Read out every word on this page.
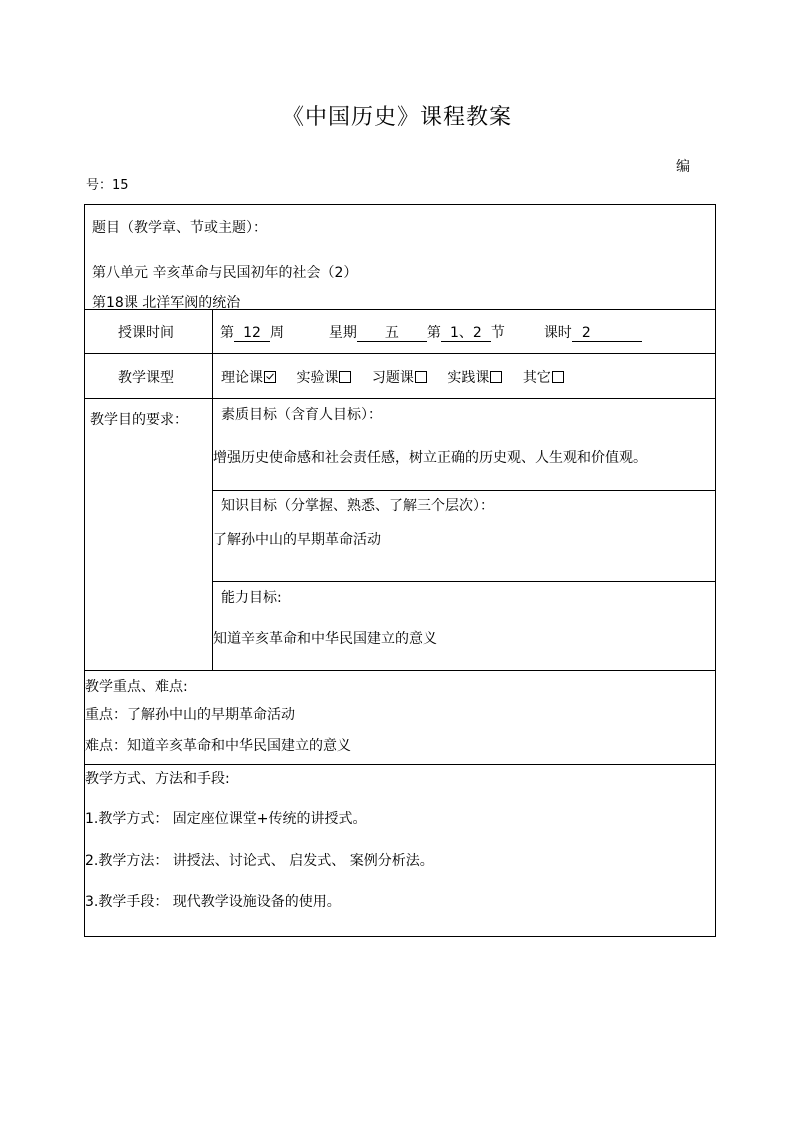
《中国历史》课程教案
编
号：15
题目（教学章、节或主题）：
第八单元 辛亥革命与民国初年的社会（2）
第18课 北洋军阀的统治
授课时间	第 12 周	星期 五 第 1、2 节	课时 2
教学课型	理论课 实验课 习题课 实践课 其它
教学目的要求： 素质目标（含育人目标）：
增强历史使命感和社会责任感，树立正确的历史观、人生观和价值观。
知识目标（分掌握、熟悉、了解三个层次）：
了解孙中山的早期革命活动
能力目标:
知道辛亥革命和中华民国建立的意义
教学重点、难点:
重点：了解孙中山的早期革命活动
难点：知道辛亥革命和中华民国建立的意义
教学方式、方法和手段:
1.教学方式： 固定座位课堂+传统的讲授式。
2.教学方法： 讲授法、讨论式、 启发式、 案例分析法。
3.教学手段： 现代教学设施设备的使用。
